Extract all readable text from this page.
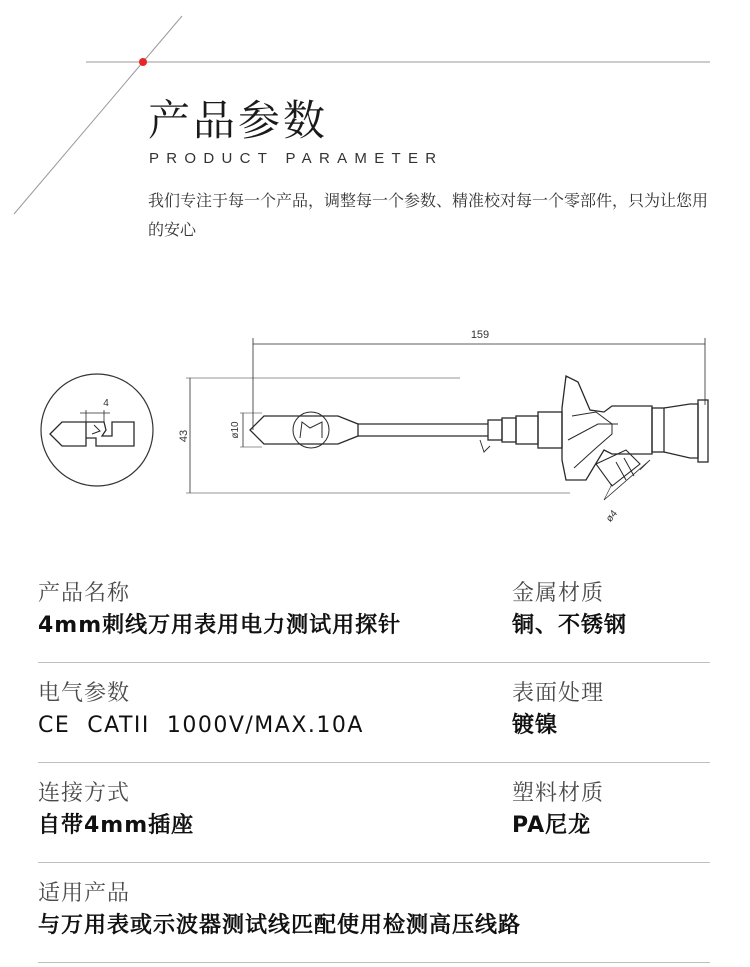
产品参数
PRODUCT PARAMETER

我们专注于每一个产品，调整每一个参数、精准校对每一个零部件，只为让您用的安心

4
159
43	ø10
ø4
产品名称
4mm刺线万用表用电力测试用探针
金属材质
铜、不锈钢
电气参数
CE  CATII  1000V/MAX.10A
表面处理
镀镍
连接方式
自带4mm插座
塑料材质
PA尼龙
适用产品
与万用表或示波器测试线匹配使用检测高压线路
